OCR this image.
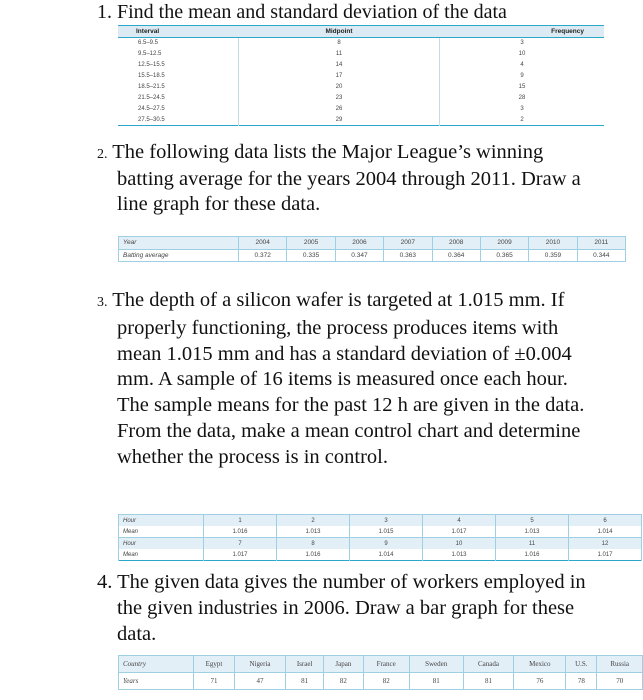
1. Find the mean and standard deviation of the data

Interval	Midpoint	Frequency
6.5–9.5	8	3
9.5–12.5	11	10
12.5–15.5	14	4
15.5–18.5	17	9
18.5–21.5	20	15
21.5–24.5	23	28
24.5–27.5	26	3
27.5–30.5	29	2

2. The following data lists the Major League’s winning batting average for the years 2004 through 2011. Draw a line graph for these data.

Year	2004	2005	2006	2007	2008	2009	2010	2011
Batting average	0.372	0.335	0.347	0.363	0.364	0.365	0.359	0.344

3. The depth of a silicon wafer is targeted at 1.015 mm. If properly functioning, the process produces items with mean 1.015 mm and has a standard deviation of ±0.004 mm. A sample of 16 items is measured once each hour. The sample means for the past 12 h are given in the data. From the data, make a mean control chart and determine whether the process is in control.

Hour	1	2	3	4	5	6
Mean	1.016	1.013	1.015	1.017	1.013	1.014
Hour	7	8	9	10	11	12
Mean	1.017	1.016	1.014	1.013	1.016	1.017

4. The given data gives the number of workers employed in the given industries in 2006. Draw a bar graph for these data.

Country	Egypt	Nigeria	Israel	Japan	France	Sweden	Canada	Mexico	U.S.	Russia
Years	71	47	81	82	82	81	81	76	78	70
